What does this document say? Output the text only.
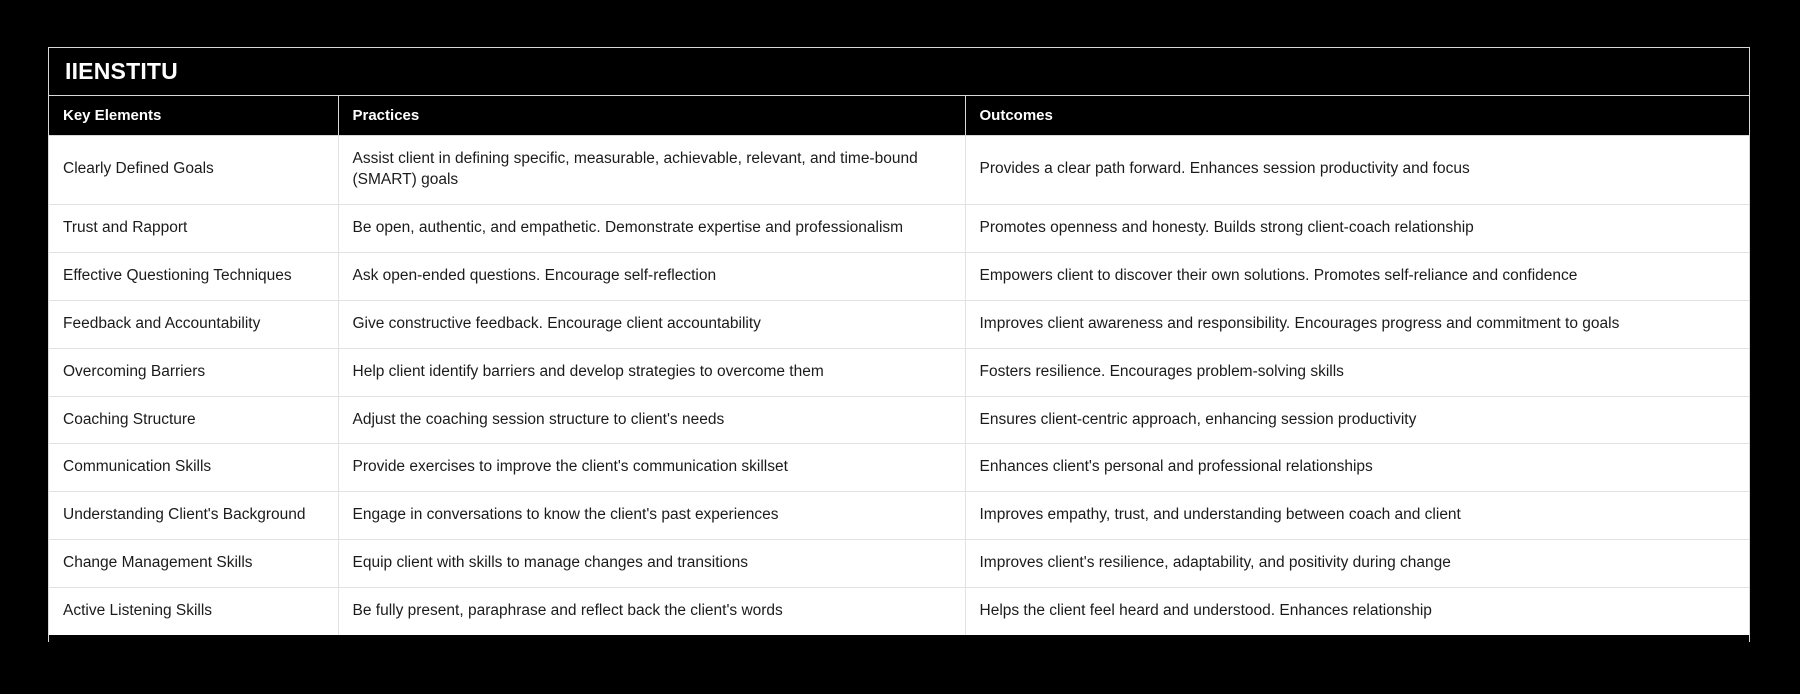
IIENSTITU
Key Elements	Practices	Outcomes
Clearly Defined Goals	Assist client in defining specific, measurable, achievable, relevant, and time-bound (SMART) goals	Provides a clear path forward. Enhances session productivity and focus
Trust and Rapport	Be open, authentic, and empathetic. Demonstrate expertise and professionalism	Promotes openness and honesty. Builds strong client-coach relationship
Effective Questioning Techniques	Ask open-ended questions. Encourage self-reflection	Empowers client to discover their own solutions. Promotes self-reliance and confidence
Feedback and Accountability	Give constructive feedback. Encourage client accountability	Improves client awareness and responsibility. Encourages progress and commitment to goals
Overcoming Barriers	Help client identify barriers and develop strategies to overcome them	Fosters resilience. Encourages problem-solving skills
Coaching Structure	Adjust the coaching session structure to client's needs	Ensures client-centric approach, enhancing session productivity
Communication Skills	Provide exercises to improve the client's communication skillset	Enhances client's personal and professional relationships
Understanding Client's Background	Engage in conversations to know the client's past experiences	Improves empathy, trust, and understanding between coach and client
Change Management Skills	Equip client with skills to manage changes and transitions	Improves client's resilience, adaptability, and positivity during change
Active Listening Skills	Be fully present, paraphrase and reflect back the client's words	Helps the client feel heard and understood. Enhances relationship
